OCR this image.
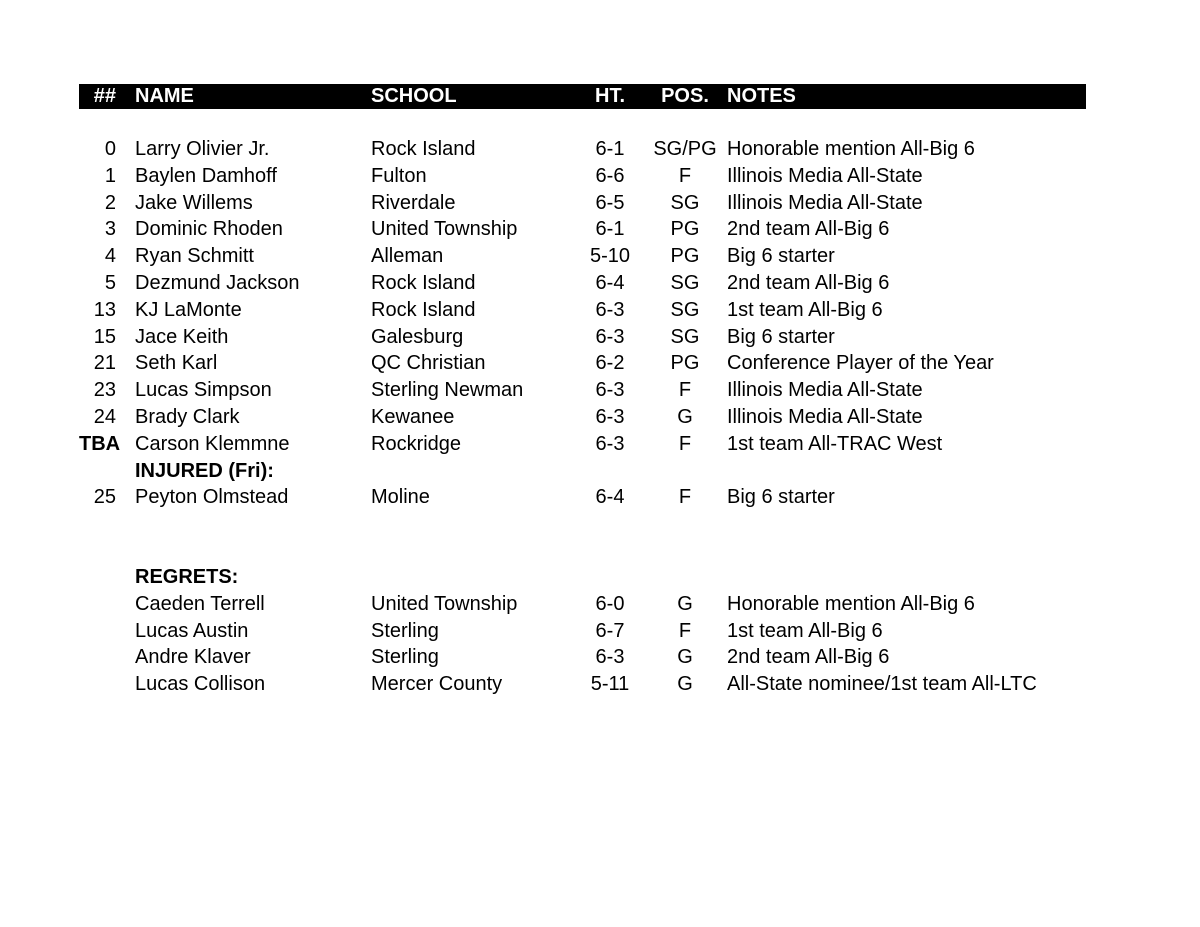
## NAME	SCHOOL	HT.	POS. NOTES
0 Larry Olivier Jr.	Rock Island	6-1	SG/PG Honorable mention All-Big 6
1 Baylen Damhoff	Fulton	6-6	F	Illinois Media All-State
2 Jake Willems	Riverdale	6-5	SG	Illinois Media All-State
3 Dominic Rhoden	United Township	6-1	PG	2nd team All-Big 6
4 Ryan Schmitt	Alleman	5-10	PG	Big 6 starter
5 Dezmund Jackson	Rock Island	6-4	SG	2nd team All-Big 6
13 KJ LaMonte	Rock Island	6-3	SG	1st team All-Big 6
15 Jace Keith	Galesburg	6-3	SG	Big 6 starter
21 Seth Karl	QC Christian	6-2	PG	Conference Player of the Year
23 Lucas Simpson	Sterling Newman	6-3	F	Illinois Media All-State
24 Brady Clark	Kewanee	6-3	G	Illinois Media All-State
TBA Carson Klemmne	Rockridge	6-3	F	1st team All-TRAC West
INJURED (Fri):
25 Peyton Olmstead	Moline	6-4	F	Big 6 starter
REGRETS:
Caeden Terrell	United Township	6-0	G	Honorable mention All-Big 6
Lucas Austin	Sterling	6-7	F	1st team All-Big 6
Andre Klaver	Sterling	6-3	G	2nd team All-Big 6
Lucas Collison	Mercer County	5-11	G	All-State nominee/1st team All-LTC
